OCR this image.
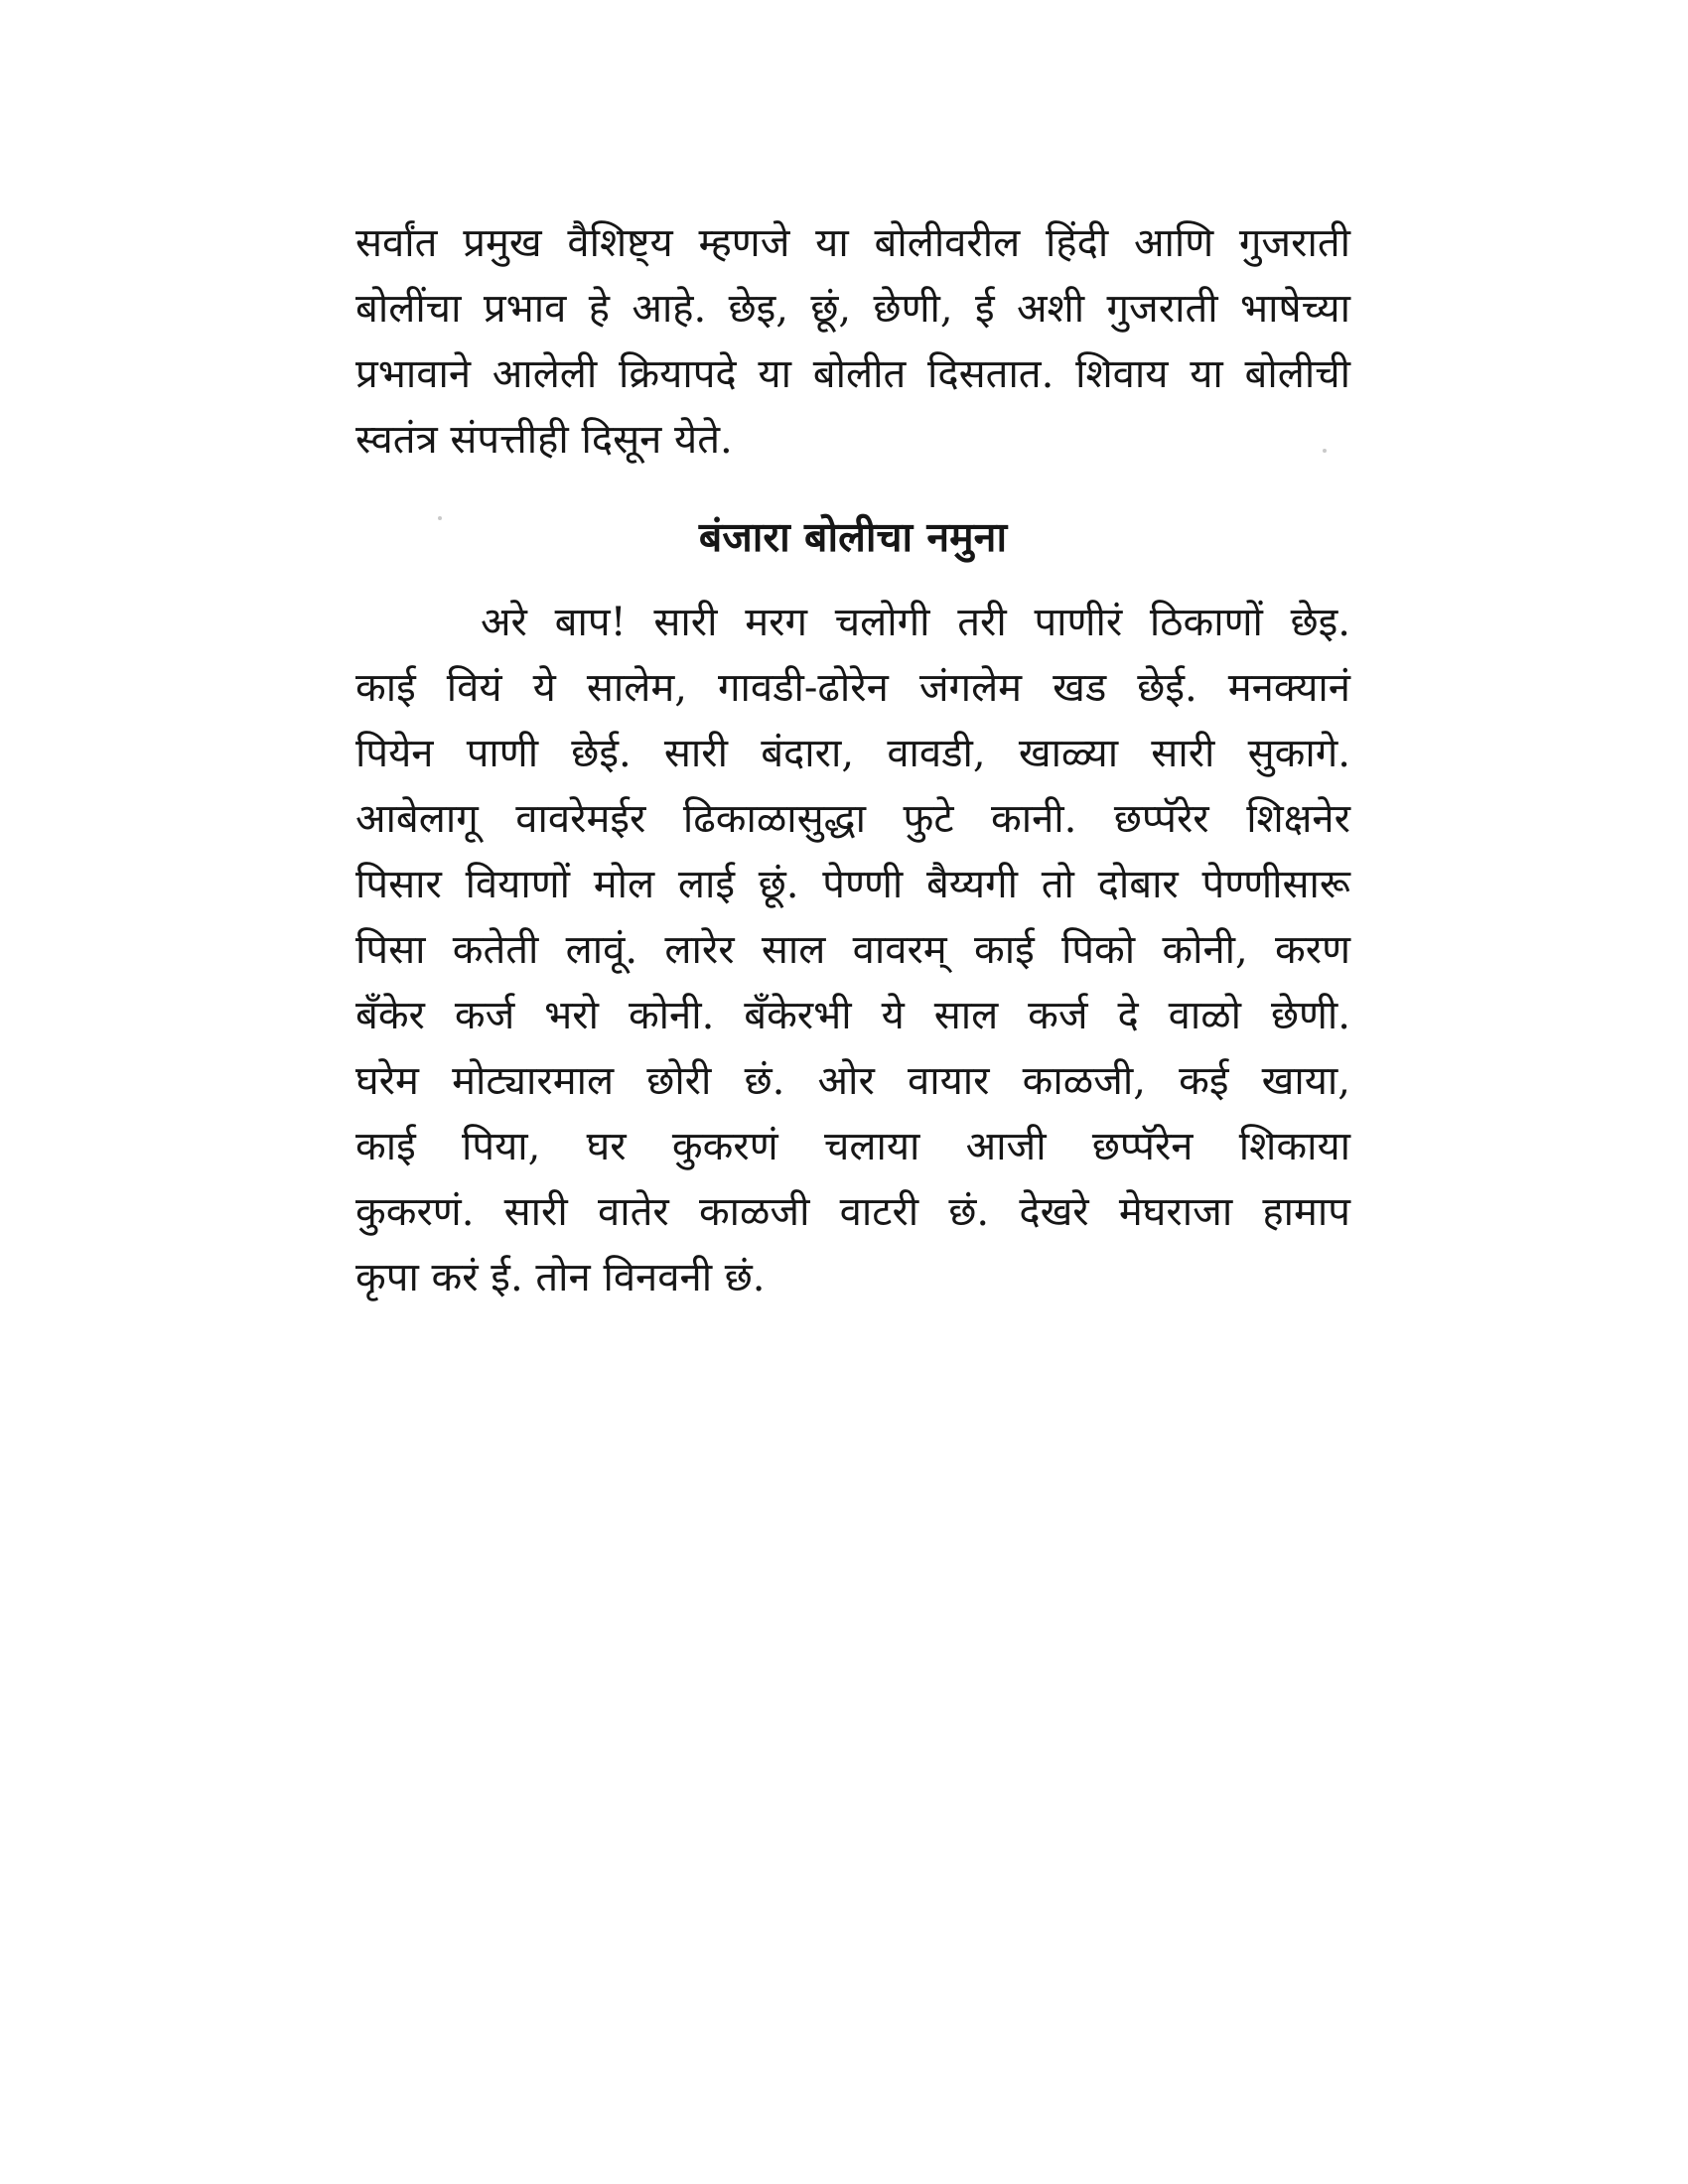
सर्वांत प्रमुख वैशिष्ट्य म्हणजे या बोलीवरील हिंदी आणि गुजराती
बोलींचा प्रभाव हे आहे. छेइ, छूं, छेणी, ई अशी गुजराती भाषेच्या
प्रभावाने आलेली क्रियापदे या बोलीत दिसतात. शिवाय या बोलीची
स्वतंत्र संपत्तीही दिसून येते.
बंजारा बोलीचा नमुना
अरे बाप! सारी मरग चलोगी तरी पाणीरं ठिकाणों छेइ.
काई वियं ये सालेम, गावडी-ढोरेन जंगलेम खड छेई. मनक्यानं
पियेन पाणी छेई. सारी बंदारा, वावडी, खाळ्या सारी सुकागे.
आबेलागू वावरेमईर ढिकाळासुद्धा फुटे कानी. छप्पॅरेर शिक्षनेर
पिसार वियाणों मोल लाई छूं. पेण्णी बैय्यगी तो दोबार पेण्णीसारू
पिसा कतेती लावूं. लारेर साल वावरम् काई पिको कोनी, करण
बँकेर कर्ज भरो कोनी. बँकेरभी ये साल कर्ज दे वाळो छेणी.
घरेम मोट्यारमाल छोरी छं. ओर वायार काळजी, कई खाया,
काई पिया, घर कुकरणं चलाया आजी छप्पॅरेन शिकाया
कुकरणं. सारी वातेर काळजी वाटरी छं. देखरे मेघराजा हामाप
कृपा करं ई. तोन विनवनी छं.
